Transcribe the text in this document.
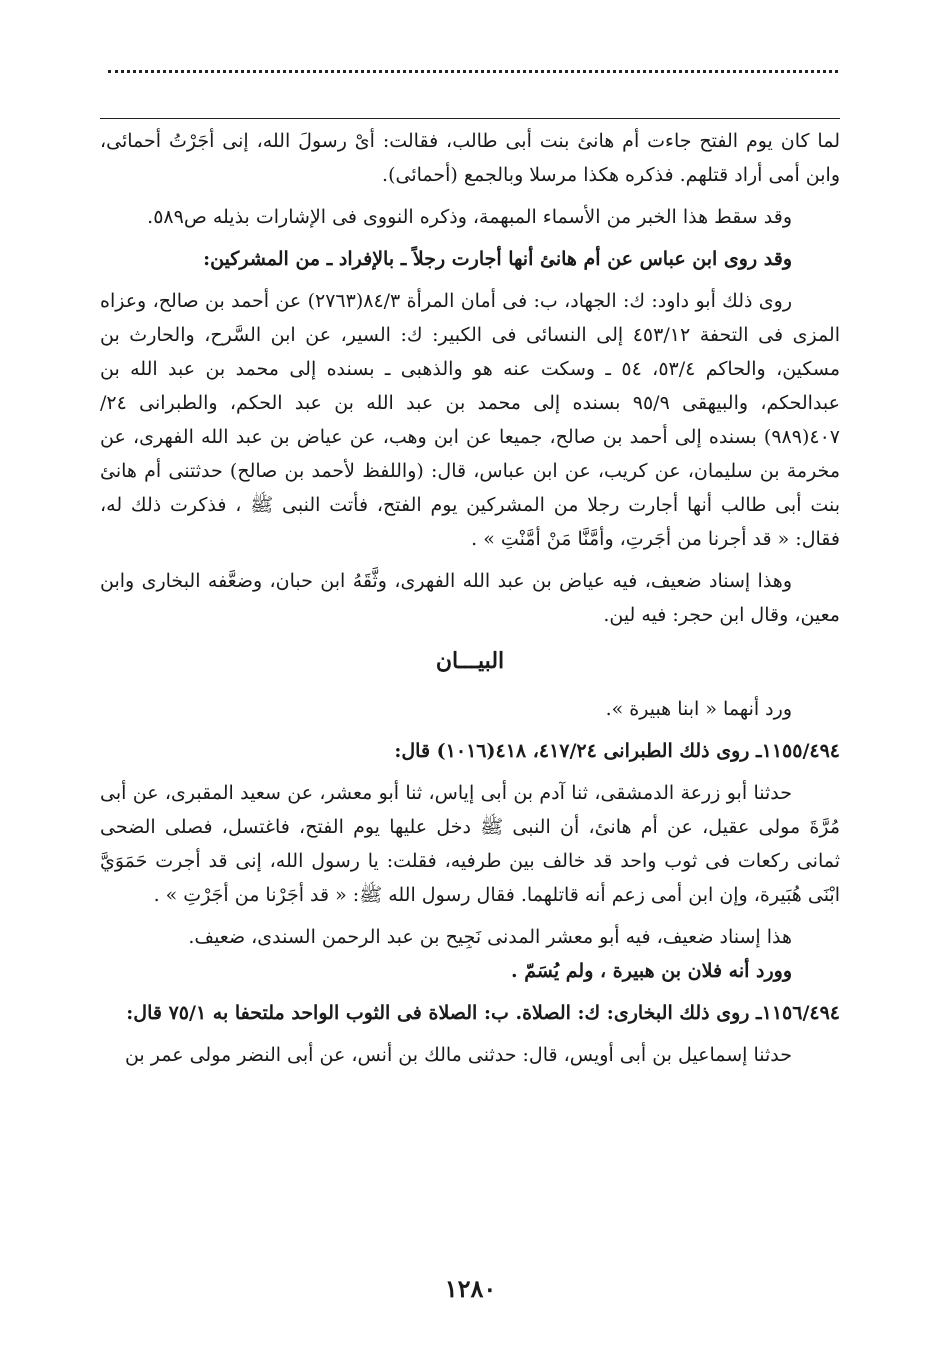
لما كان يوم الفتح جاءت أم هانئ بنت أبى طالب، فقالت: أىْ رسولَ الله، إنى أجَرْتُ أحمائى، وابن أمى أراد قتلهم. فذكره هكذا مرسلا وبالجمع (أحمائى).

وقد سقط هذا الخبر من الأسماء المبهمة، وذكره النووى فى الإشارات بذيله ص٥٨٩.

وقد روى ابن عباس عن أم هانئ أنها أجارت رجلاً ـ بالإفراد ـ من المشركين:

روى ذلك أبو داود: ك: الجهاد، ب: فى أمان المرأة ٨٤/٣(٢٧٦٣) عن أحمد بن صالح، وعزاه المزى فى التحفة ٤٥٣/١٢ إلى النسائى فى الكبير: ك: السير، عن ابن السَّرح، والحارث بن مسكين، والحاكم ٥٣/٤، ٥٤ ـ وسكت عنه هو والذهبى ـ بسنده إلى محمد بن عبد الله بن عبدالحكم، والبيهقى ٩٥/٩ بسنده إلى محمد بن عبد الله بن عبد الحكم، والطبرانى ٢٤/ ٤٠٧(٩٨٩) بسنده إلى أحمد بن صالح، جميعا عن ابن وهب، عن عياض بن عبد الله الفهرى، عن مخرمة بن سليمان، عن كريب، عن ابن عباس، قال: (واللفظ لأحمد بن صالح) حدثتنى أم هانئ بنت أبى طالب أنها أجارت رجلا من المشركين يوم الفتح، فأتت النبى ﷺ ، فذكرت ذلك له، فقال: « قد أجرنا من أجَرتِ، وأمَّنَّا مَنْ أمَّنْتِ » .

وهذا إسناد ضعيف، فيه عياض بن عبد الله الفهرى، وثَّقَهُ ابن حبان، وضعَّفه البخارى وابن معين، وقال ابن حجر: فيه لين.

البيـــان

ورد أنهما « ابنا هبيرة ».

١١٥٥/٤٩٤ـ روى ذلك الطبرانى ٤١٧/٢٤، ٤١٨(١٠١٦) قال:

حدثنا أبو زرعة الدمشقى، ثنا آدم بن أبى إياس، ثنا أبو معشر، عن سعيد المقبرى، عن أبى مُرَّةَ مولى عقيل، عن أم هانئ، أن النبى ﷺ دخل عليها يوم الفتح، فاغتسل، فصلى الضحى ثمانى ركعات فى ثوب واحد قد خالف بين طرفيه، فقلت: يا رسول الله، إنى قد أجرت حَمَوَيَّ ابْنَى هُبَيرة، وإن ابن أمى زعم أنه قاتلهما. فقال رسول الله ﷺ: « قد أجَرْنا من أجَرْتِ » .

هذا إسناد ضعيف، فيه أبو معشر المدنى نَجِيح بن عبد الرحمن السندى، ضعيف.

وورد أنه فلان بن هبيرة ، ولم يُسَمّ .

١١٥٦/٤٩٤ـ روى ذلك البخارى: ك: الصلاة. ب: الصلاة فى الثوب الواحد ملتحفا به ٧٥/١ قال:

حدثنا إسماعيل بن أبى أويس، قال: حدثنى مالك بن أنس، عن أبى النضر مولى عمر بن

١٢٨٠
